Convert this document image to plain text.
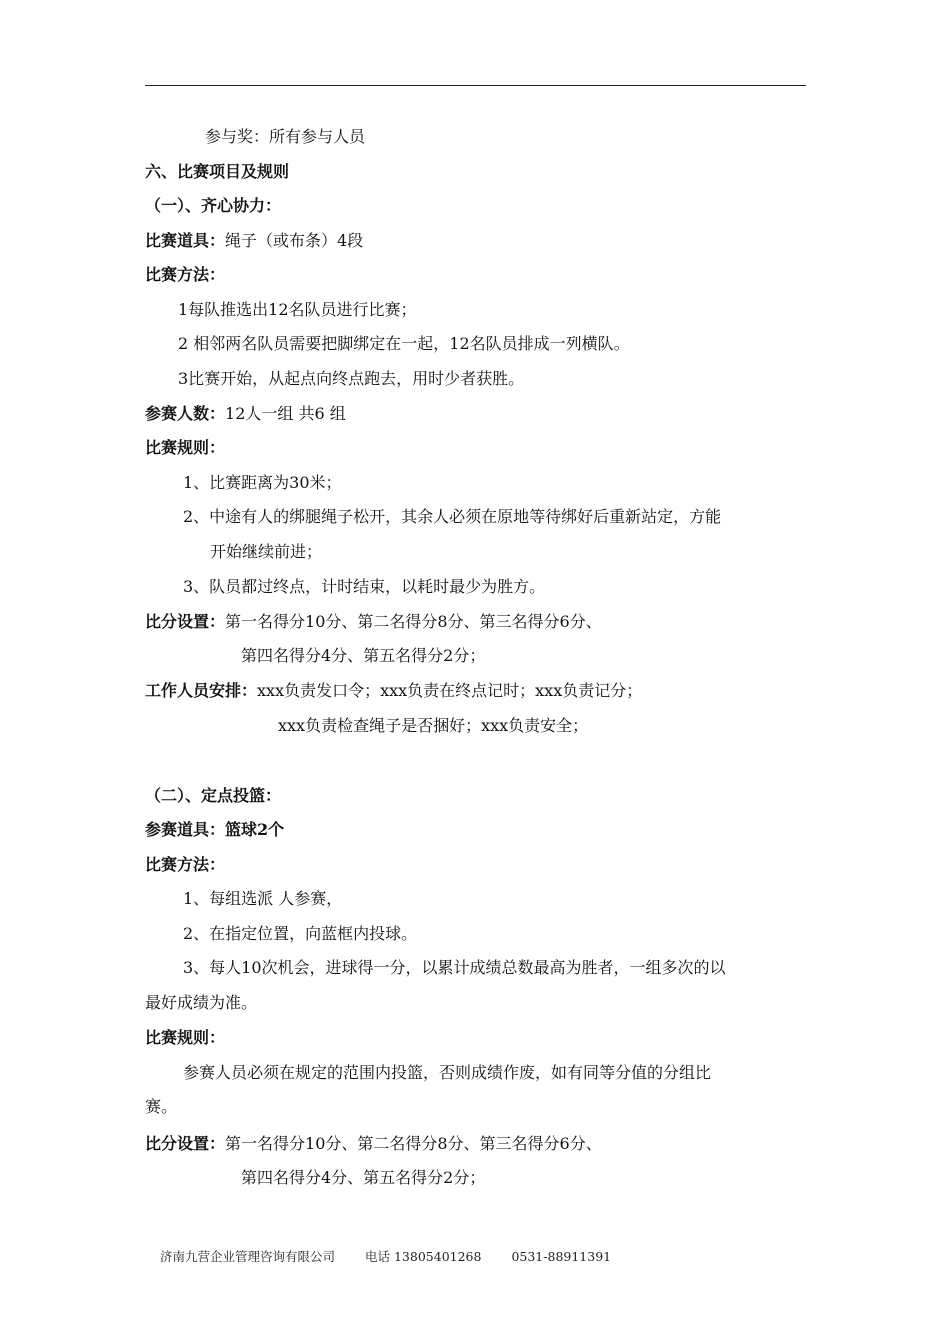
参与奖：所有参与人员
六、比赛项目及规则
（一）、齐心协力：
比赛道具：绳子（或布条）4段
比赛方法：
1每队推选出12名队员进行比赛；
2 相邻两名队员需要把脚绑定在一起，12名队员排成一列横队。
3比赛开始，从起点向终点跑去，用时少者获胜。
参赛人数：12人一组 共6 组
比赛规则：
1、比赛距离为30米；
2、中途有人的绑腿绳子松开，其余人必须在原地等待绑好后重新站定，方能
开始继续前进；
3、队员都过终点，计时结束，以耗时最少为胜方。
比分设置：第一名得分10分、第二名得分8分、第三名得分6分、
第四名得分4分、第五名得分2分；
工作人员安排：xxx负责发口令；xxx负责在终点记时；xxx负责记分；
xxx负责检查绳子是否捆好；xxx负责安全；
（二）、定点投篮：
参赛道具：篮球2个
比赛方法：
1、每组选派 人参赛，
2、在指定位置，向蓝框内投球。
3、每人10次机会，进球得一分，以累计成绩总数最高为胜者，一组多次的以
最好成绩为准。
比赛规则：
参赛人员必须在规定的范围内投篮，否则成绩作废，如有同等分值的分组比
赛。
比分设置：第一名得分10分、第二名得分8分、第三名得分6分、
第四名得分4分、第五名得分2分；
济南九营企业管理咨询有限公司 电话 13805401268 0531-88911391
